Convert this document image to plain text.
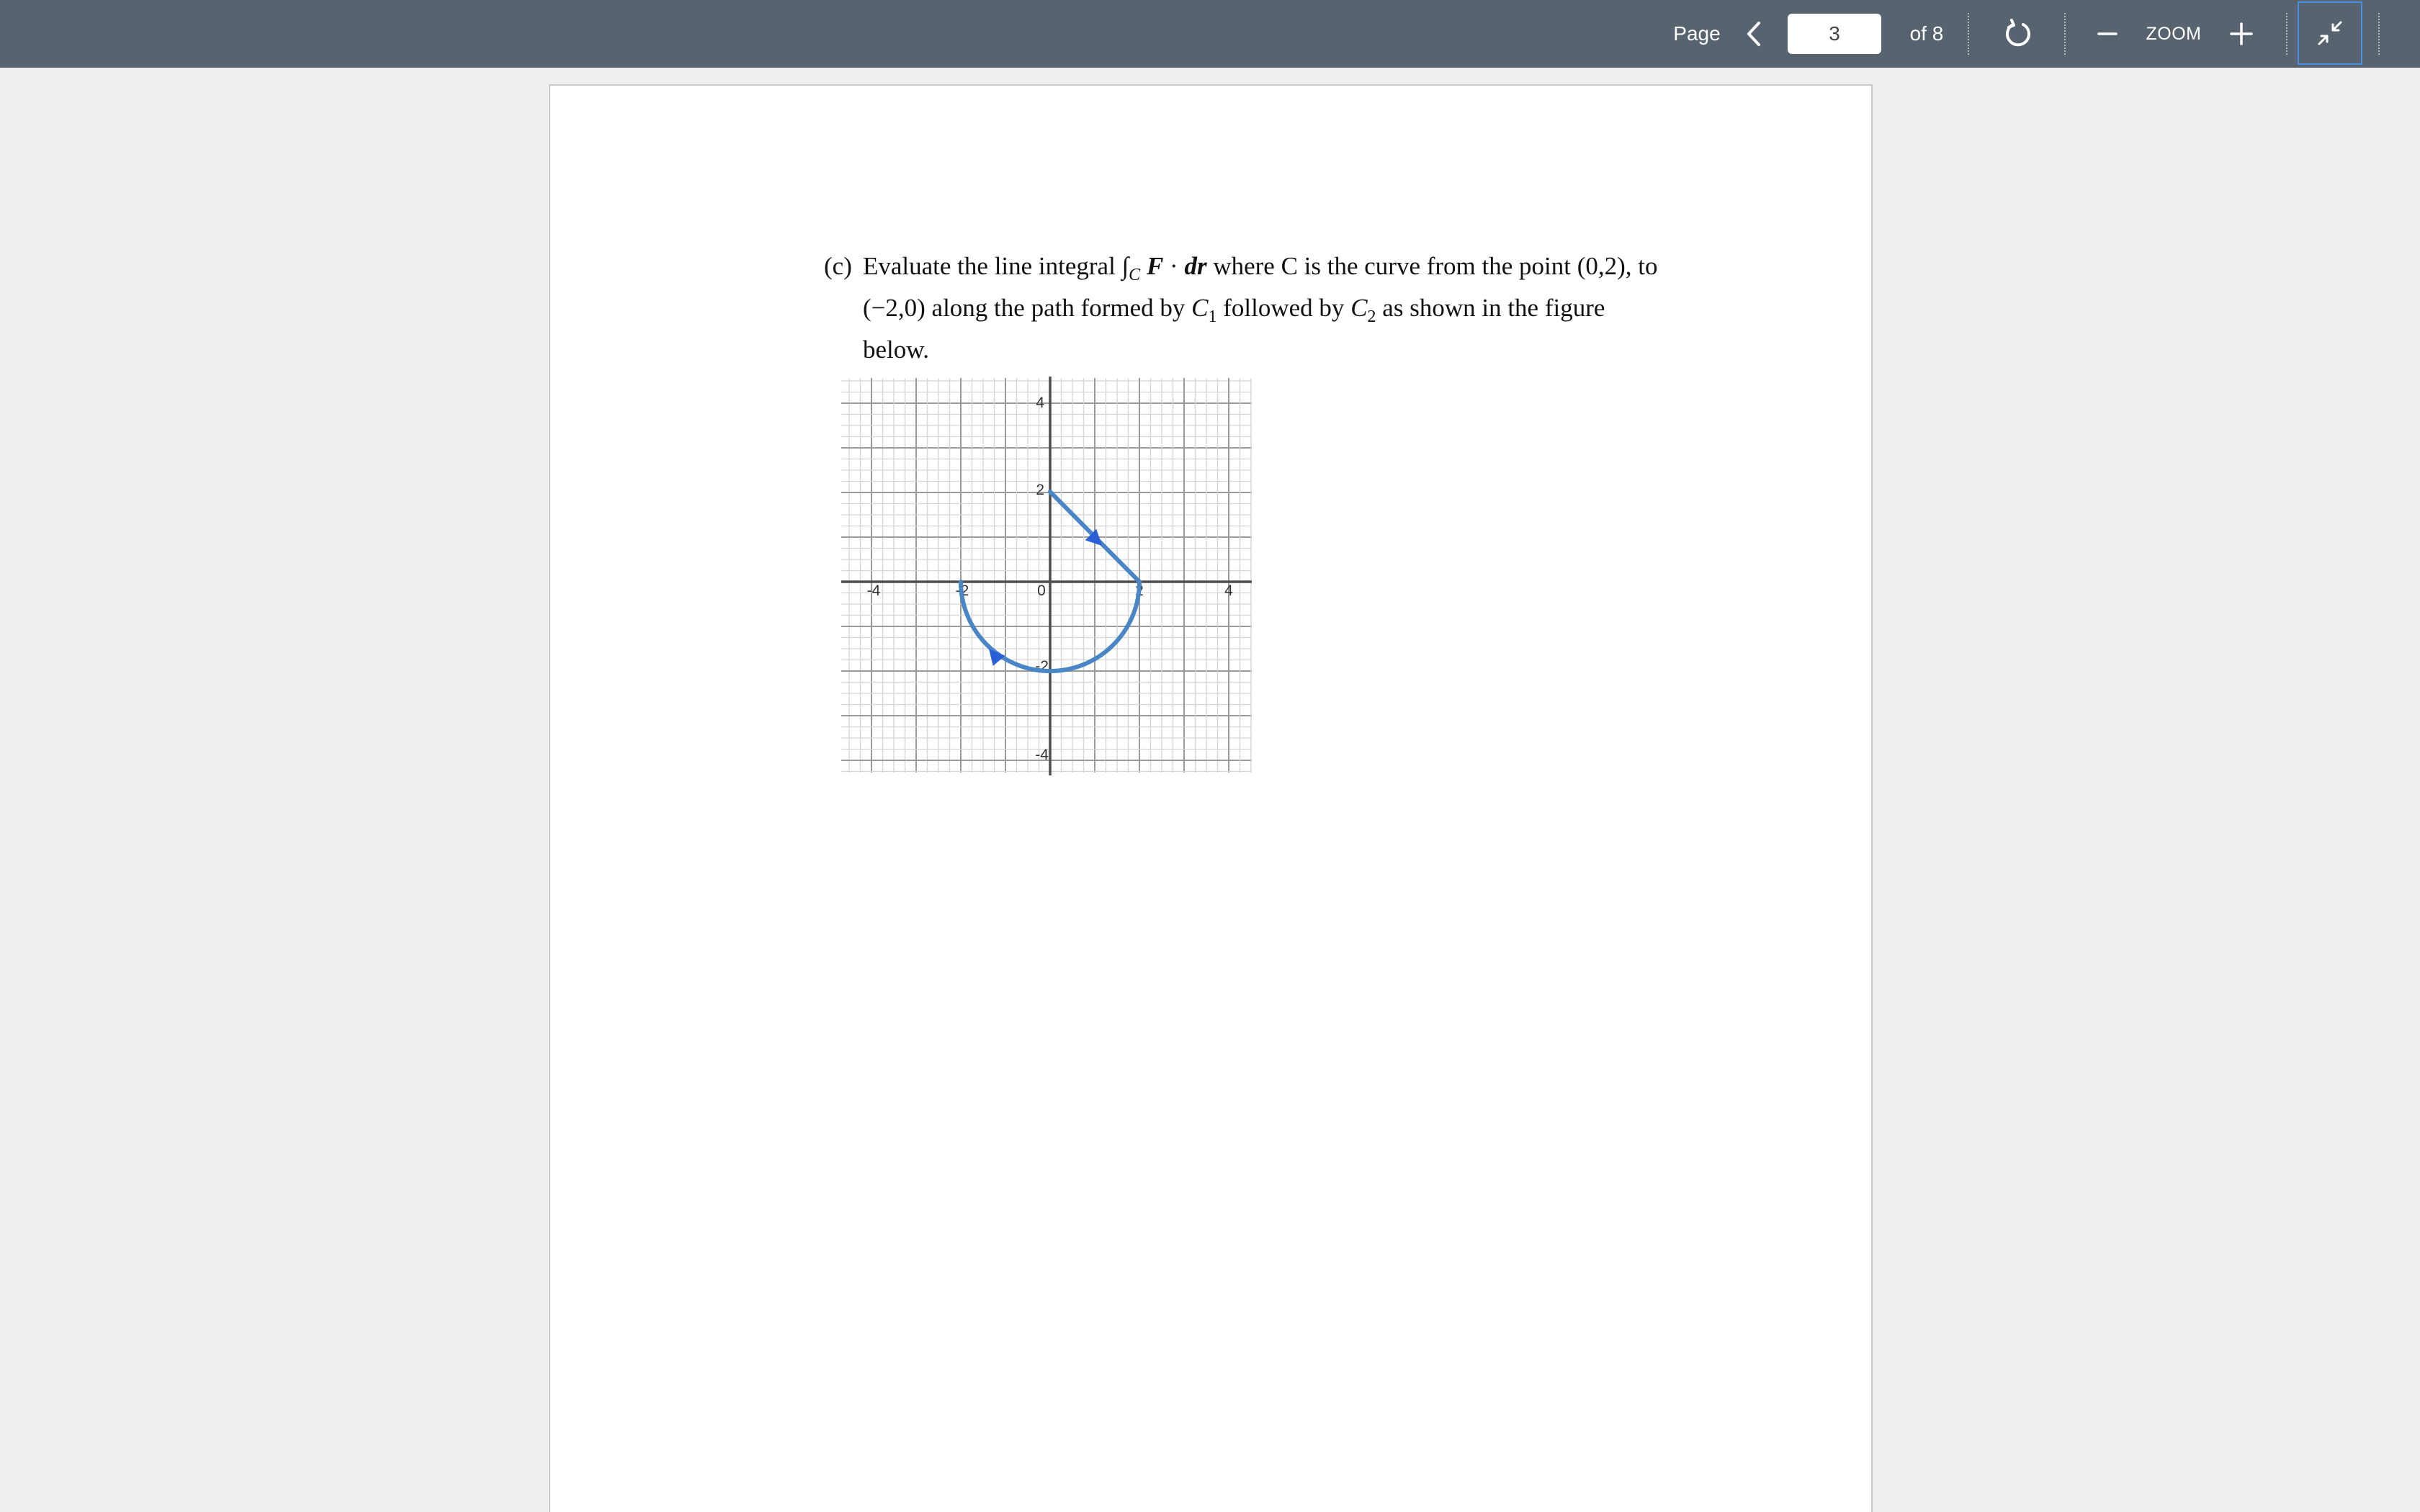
Page
3	of 8	ZOOM
(c) Evaluate the line integral $\int_C$ F · dr where C is the curve from the point (0,2), to (−2,0) along the path formed by $C_1$ followed by $C_2$ as shown in the figure below.
-4	-2	0	2	4
4
2
-2
-4
